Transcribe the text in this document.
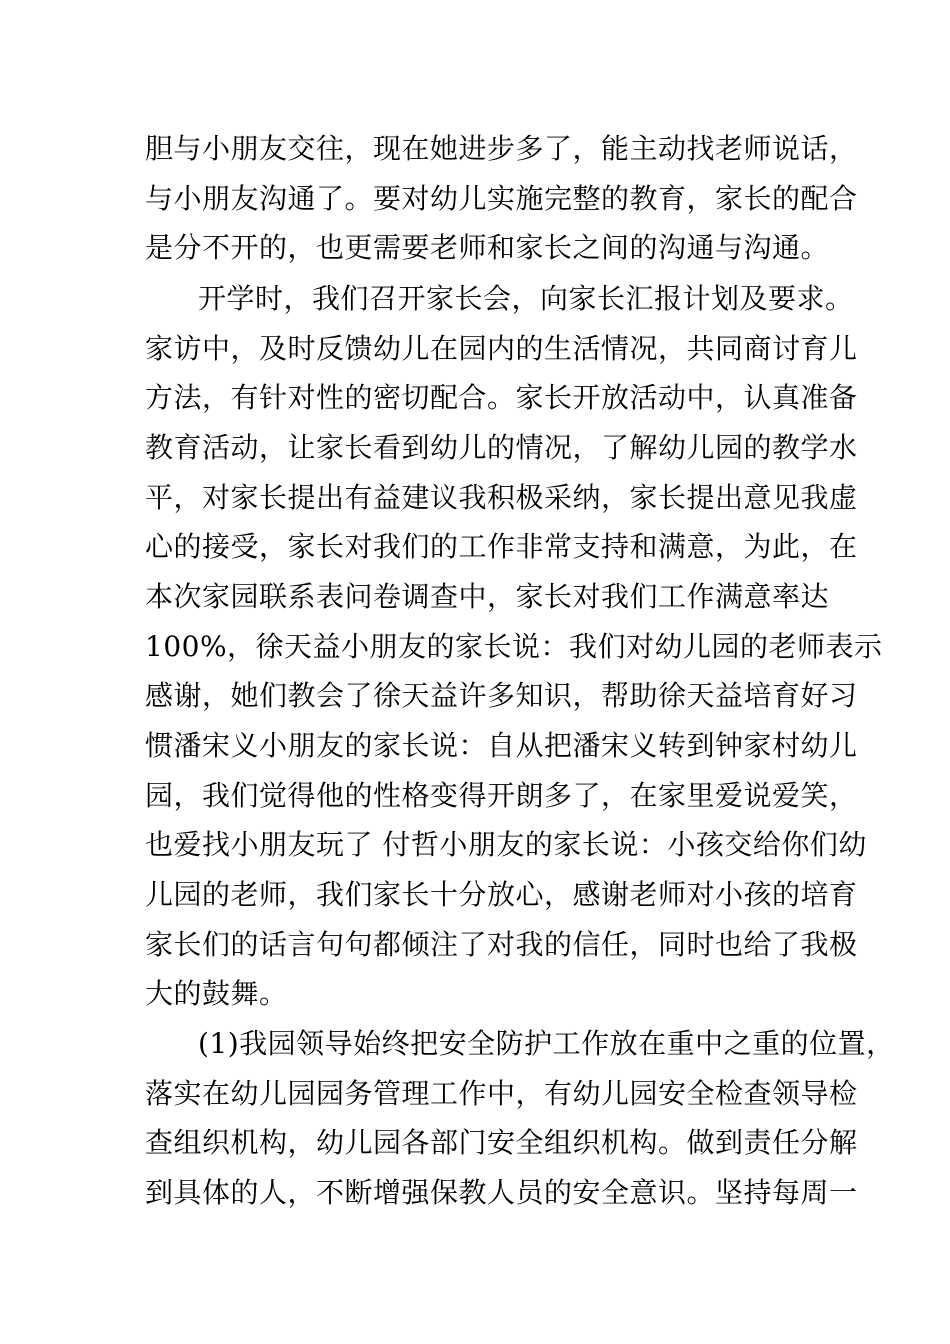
胆与小朋友交往，现在她进步多了，能主动找老师说话，
与小朋友沟通了。要对幼儿实施完整的教育，家长的配合
是分不开的，也更需要老师和家长之间的沟通与沟通。
开学时，我们召开家长会，向家长汇报计划及要求。
家访中，及时反馈幼儿在园内的生活情况，共同商讨育儿
方法，有针对性的密切配合。家长开放活动中，认真准备
教育活动，让家长看到幼儿的情况，了解幼儿园的教学水
平，对家长提出有益建议我积极采纳，家长提出意见我虚
心的接受，家长对我们的工作非常支持和满意，为此，在
本次家园联系表问卷调查中，家长对我们工作满意率达
100%，徐天益小朋友的家长说：我们对幼儿园的老师表示
感谢，她们教会了徐天益许多知识，帮助徐天益培育好习
惯潘宋义小朋友的家长说：自从把潘宋义转到钟家村幼儿
园，我们觉得他的性格变得开朗多了，在家里爱说爱笑，
也爱找小朋友玩了 付哲小朋友的家长说：小孩交给你们幼
儿园的老师，我们家长十分放心，感谢老师对小孩的培育
家长们的话言句句都倾注了对我的信任，同时也给了我极
大的鼓舞。
(1)我园领导始终把安全防护工作放在重中之重的位置，
落实在幼儿园园务管理工作中，有幼儿园安全检查领导检
查组织机构，幼儿园各部门安全组织机构。做到责任分解
到具体的人，不断增强保教人员的安全意识。坚持每周一
